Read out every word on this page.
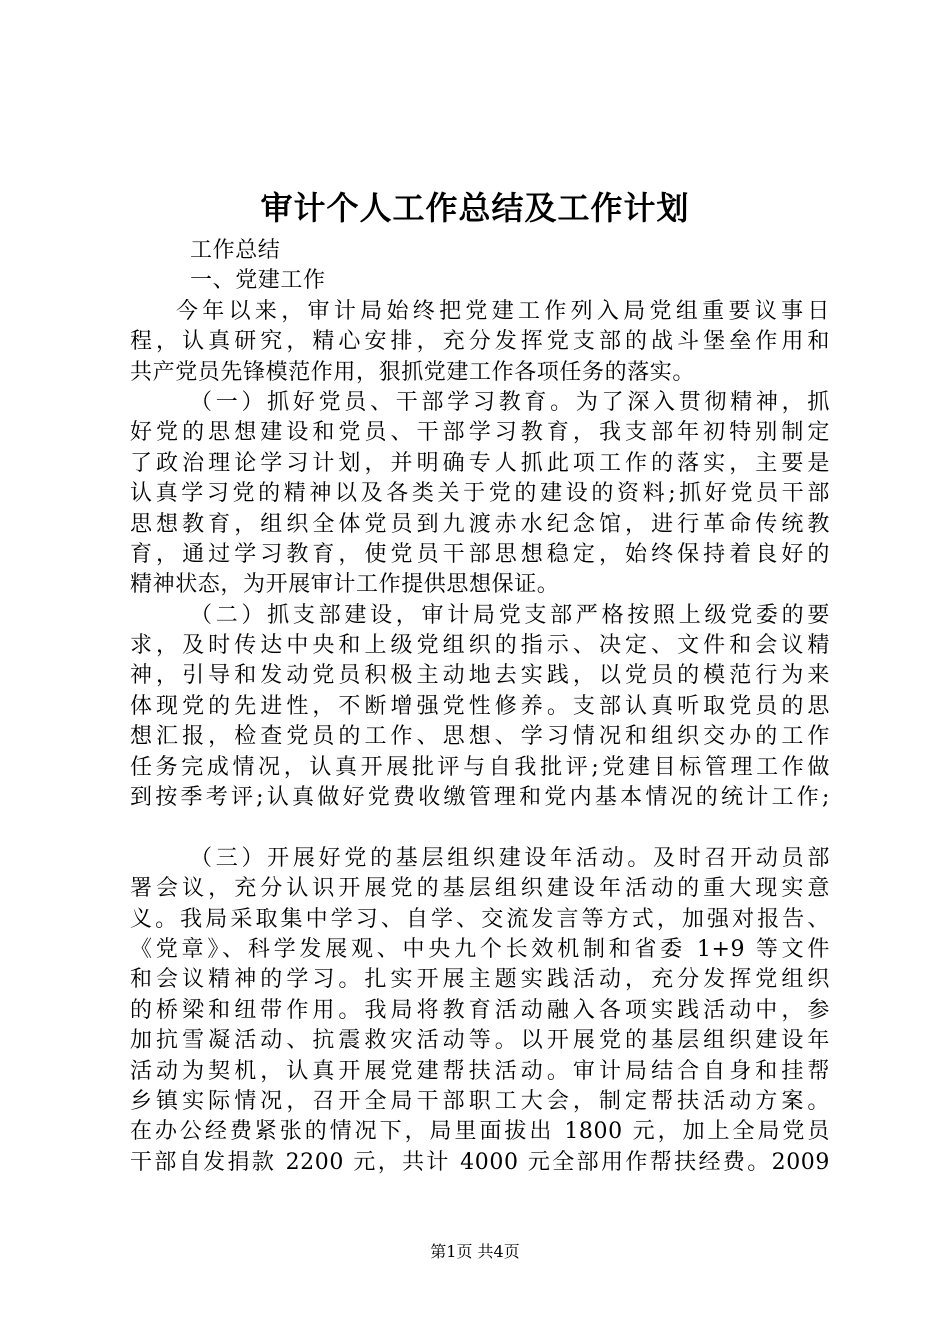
审计个人工作总结及工作计划
工作总结
一、党建工作
今年以来，审计局始终把党建工作列入局党组重要议事日
程，认真研究，精心安排，充分发挥党支部的战斗堡垒作用和
共产党员先锋模范作用，狠抓党建工作各项任务的落实。
（一）抓好党员、干部学习教育。为了深入贯彻精神，抓
好党的思想建设和党员、干部学习教育，我支部年初特别制定
了政治理论学习计划，并明确专人抓此项工作的落实，主要是
认真学习党的精神以及各类关于党的建设的资料;抓好党员干部
思想教育，组织全体党员到九渡赤水纪念馆，进行革命传统教
育，通过学习教育，使党员干部思想稳定，始终保持着良好的
精神状态，为开展审计工作提供思想保证。
（二）抓支部建设，审计局党支部严格按照上级党委的要
求，及时传达中央和上级党组织的指示、决定、文件和会议精
神，引导和发动党员积极主动地去实践，以党员的模范行为来
体现党的先进性，不断增强党性修养。支部认真听取党员的思
想汇报，检查党员的工作、思想、学习情况和组织交办的工作
任务完成情况，认真开展批评与自我批评;党建目标管理工作做
到按季考评;认真做好党费收缴管理和党内基本情况的统计工作;
（三）开展好党的基层组织建设年活动。及时召开动员部
署会议，充分认识开展党的基层组织建设年活动的重大现实意
义。我局采取集中学习、自学、交流发言等方式，加强对报告、
《党章》、科学发展观、中央九个长效机制和省委 1+9 等文件
和会议精神的学习。扎实开展主题实践活动，充分发挥党组织
的桥梁和纽带作用。我局将教育活动融入各项实践活动中，参
加抗雪凝活动、抗震救灾活动等。以开展党的基层组织建设年
活动为契机，认真开展党建帮扶活动。审计局结合自身和挂帮
乡镇实际情况，召开全局干部职工大会，制定帮扶活动方案。
在办公经费紧张的情况下，局里面拔出 1800 元，加上全局党员
干部自发捐款 2200 元，共计 4000 元全部用作帮扶经费。2009
第1页 共4页
